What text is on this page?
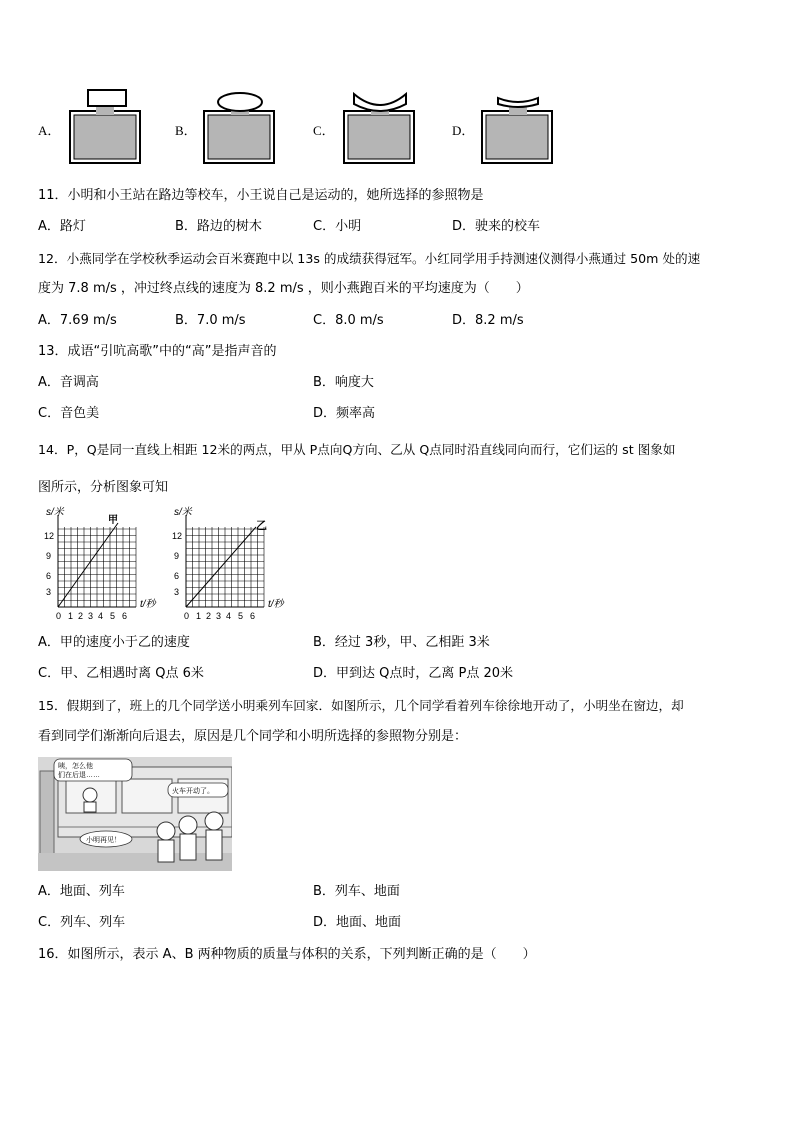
A．	B．	C．	D．
11．小明和小王站在路边等校车，小王说自己是运动的，她所选择的参照物是
A．路灯	B．路边的树木	C．小明	D．驶来的校车
12．小燕同学在学校秋季运动会百米赛跑中以 13s 的成绩获得冠军。小红同学用手持测速仪测得小燕通过 50m 处的速
度为 7.8 m/s ，冲过终点线的速度为 8.2 m/s ，则小燕跑百米的平均速度为（　　）
A．7.69 m/s	B．7.0 m/s	C．8.0 m/s	D．8.2 m/s
13．成语“引吭高歌”中的“高”是指声音的
A．音调高	B．响度大
C．音色美	D．频率高
14．P，Q是同一直线上相距 12米的两点，甲从 P点向Q方向、乙从 Q点同时沿直线同向而行，它们运的 st 图象如
图所示，分析图象可知
s/米
甲
t/秒
12
9
6
3
0 1 2 3 4 5 6
s/米
乙
t/秒
12
9
6
3
0 1 2 3 4 5 6
A．甲的速度小于乙的速度	B．经过 3秒，甲、乙相距 3米
C．甲、乙相遇时离 Q点 6米	D．甲到达 Q点时，乙离 P点 20米
15．假期到了，班上的几个同学送小明乘列车回家．如图所示，几个同学看着列车徐徐地开动了，小明坐在窗边，却
看到同学们渐渐向后退去，原因是几个同学和小明所选择的参照物分别是：
咦，怎么他
们在后退……
火车开动了。
小明再见！
A．地面、列车	B．列车、地面
C．列车、列车	D．地面、地面
16．如图所示，表示 A、B 两种物质的质量与体积的关系，下列判断正确的是（　　）
